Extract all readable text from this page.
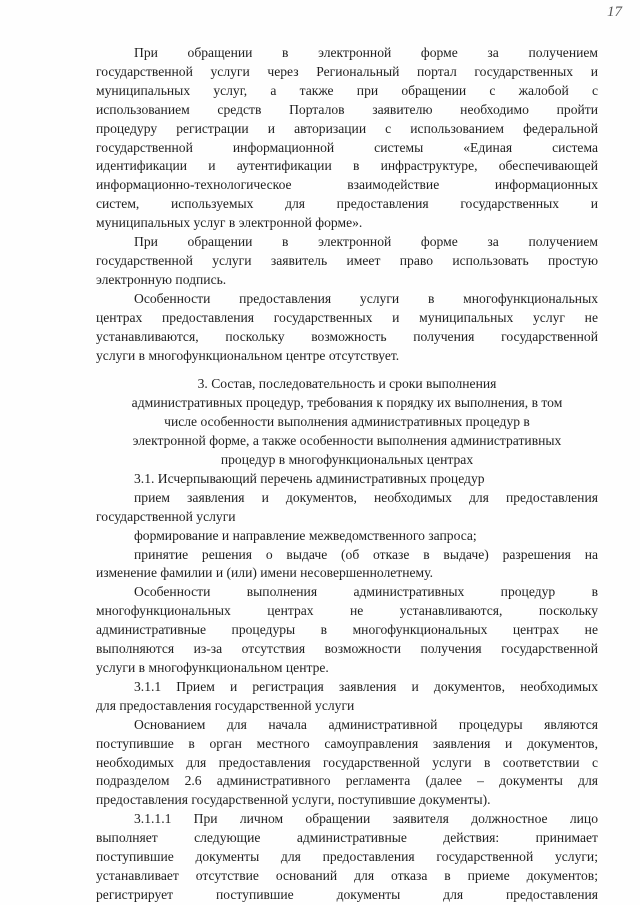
17

При обращении в электронной форме за получением

государственной услуги через Региональный портал государственных и

муниципальных услуг, а также при обращении с жалобой с

использованием средств Порталов заявителю необходимо пройти

процедуру регистрации и авторизации с использованием федеральной

государственной информационной системы «Единая система

идентификации и аутентификации в инфраструктуре, обеспечивающей

информационно-технологическое взаимодействие информационных

систем, используемых для предоставления государственных и

муниципальных услуг в электронной форме».

При обращении в электронной форме за получением

государственной услуги заявитель имеет право использовать простую

электронную подпись.

Особенности предоставления услуги в многофункциональных

центрах предоставления государственных и муниципальных услуг не

устанавливаются, поскольку возможность получения государственной

услуги в многофункциональном центре отсутствует.

3. Состав, последовательность и сроки выполнения

административных процедур, требования к порядку их выполнения, в том

числе особенности выполнения административных процедур в

электронной форме, а также особенности выполнения административных

процедур в многофункциональных центрах

3.1. Исчерпывающий перечень административных процедур

прием заявления и документов, необходимых для предоставления

государственной услуги

формирование и направление межведомственного запроса;

принятие решения о выдаче (об отказе в выдаче) разрешения на

изменение фамилии и (или) имени несовершеннолетнему.

Особенности выполнения административных процедур в

многофункциональных центрах не устанавливаются, поскольку

административные процедуры в многофункциональных центрах не

выполняются из-за отсутствия возможности получения государственной

услуги в многофункциональном центре.

3.1.1 Прием и регистрация заявления и документов, необходимых

для предоставления государственной услуги

Основанием для начала административной процедуры являются

поступившие в орган местного самоуправления заявления и документов,

необходимых для предоставления государственной услуги в соответствии с

подразделом 2.6 административного регламента (далее – документы для

предоставления государственной услуги, поступившие документы).

3.1.1.1 При личном обращении заявителя должностное лицо

выполняет следующие административные действия: принимает

поступившие документы для предоставления государственной услуги;

устанавливает отсутствие оснований для отказа в приеме документов;

регистрирует поступившие документы для предоставления
